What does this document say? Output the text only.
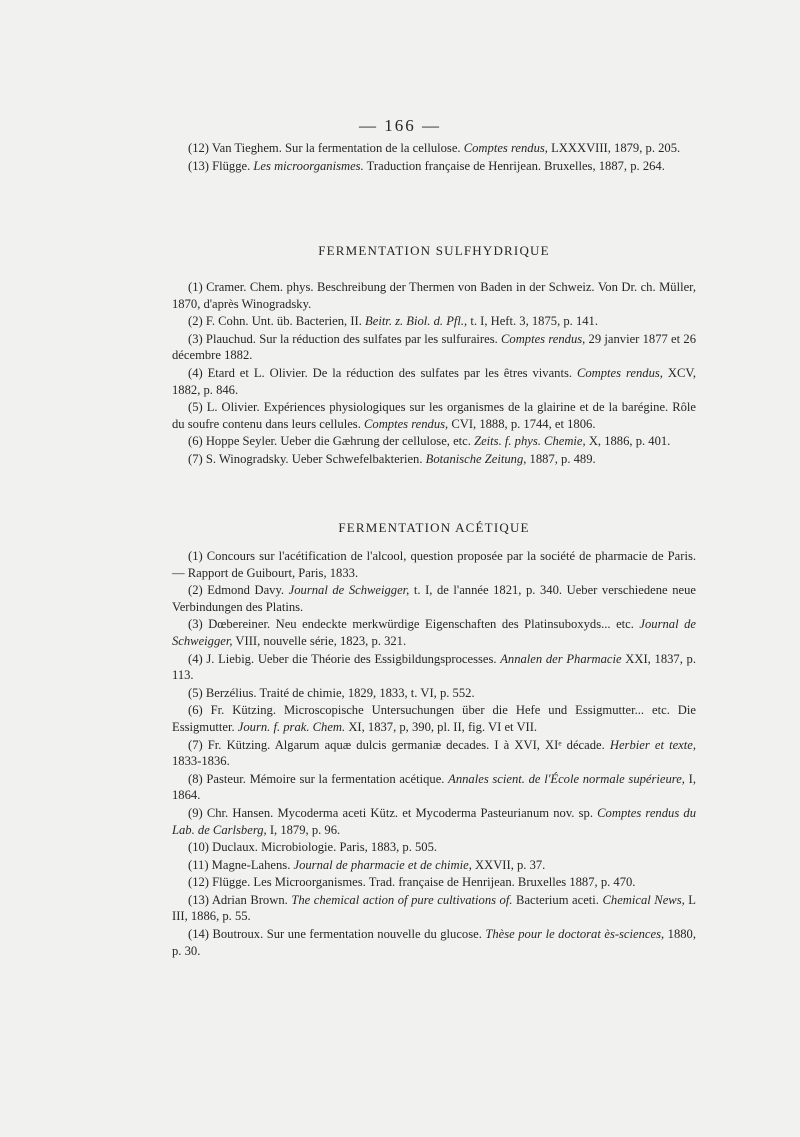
— 166 —

(12) Van Tieghem. Sur la fermentation de la cellulose. Comptes rendus, LXXXVIII, 1879, p. 205.

(13) Flügge. Les microorganismes. Traduction française de Henrijean. Bruxelles, 1887, p. 264.

FERMENTATION SULFHYDRIQUE

(1) Cramer. Chem. phys. Beschreibung der Thermen von Baden in der Schweiz. Von Dr. ch. Müller, 1870, d'après Winogradsky.

(2) F. Cohn. Unt. üb. Bacterien, II. Beitr. z. Biol. d. Pfl., t. I, Heft. 3, 1875, p. 141.

(3) Plauchud. Sur la réduction des sulfates par les sulfuraires. Comptes rendus, 29 janvier 1877 et 26 décembre 1882.

(4) Etard et L. Olivier. De la réduction des sulfates par les êtres vivants. Comptes rendus, XCV, 1882, p. 846.

(5) L. Olivier. Expériences physiologiques sur les organismes de la glairine et de la barégine. Rôle du soufre contenu dans leurs cellules. Comptes rendus, CVI, 1888, p. 1744, et 1806.

(6) Hoppe Seyler. Ueber die Gæhrung der cellulose, etc. Zeits. f. phys. Chemie, X, 1886, p. 401.

(7) S. Winogradsky. Ueber Schwefelbakterien. Botanische Zeitung, 1887, p. 489.

FERMENTATION ACÉTIQUE

(1) Concours sur l'acétification de l'alcool, question proposée par la société de pharmacie de Paris. — Rapport de Guibourt, Paris, 1833.

(2) Edmond Davy. Journal de Schweigger, t. I, de l'année 1821, p. 340. Ueber verschiedene neue Verbindungen des Platins.

(3) Dœbereiner. Neu endeckte merkwürdige Eigenschaften des Platinsuboxyds... etc. Journal de Schweigger, VIII, nouvelle série, 1823, p. 321.

(4) J. Liebig. Ueber die Théorie des Essigbildungsprocesses. Annalen der Pharmacie XXI, 1837, p. 113.

(5) Berzélius. Traité de chimie, 1829, 1833, t. VI, p. 552.

(6) Fr. Kützing. Microscopische Untersuchungen über die Hefe und Essigmutter... etc. Die Essigmutter. Journ. f. prak. Chem. XI, 1837, p, 390, pl. II, fig. VI et VII.

(7) Fr. Kützing. Algarum aquæ dulcis germaniæ decades. I à XVI, XIᵉ décade. Herbier et texte, 1833-1836.

(8) Pasteur. Mémoire sur la fermentation acétique. Annales scient. de l'École normale supérieure, I, 1864.

(9) Chr. Hansen. Mycoderma aceti Kütz. et Mycoderma Pasteurianum nov. sp. Comptes rendus du Lab. de Carlsberg, I, 1879, p. 96.

(10) Duclaux. Microbiologie. Paris, 1883, p. 505.

(11) Magne-Lahens. Journal de pharmacie et de chimie, XXVII, p. 37.

(12) Flügge. Les Microorganismes. Trad. française de Henrijean. Bruxelles 1887, p. 470.

(13) Adrian Brown. The chemical action of pure cultivations of. Bacterium aceti. Chemical News, L III, 1886, p. 55.

(14) Boutroux. Sur une fermentation nouvelle du glucose. Thèse pour le doctorat ès-sciences, 1880, p. 30.
